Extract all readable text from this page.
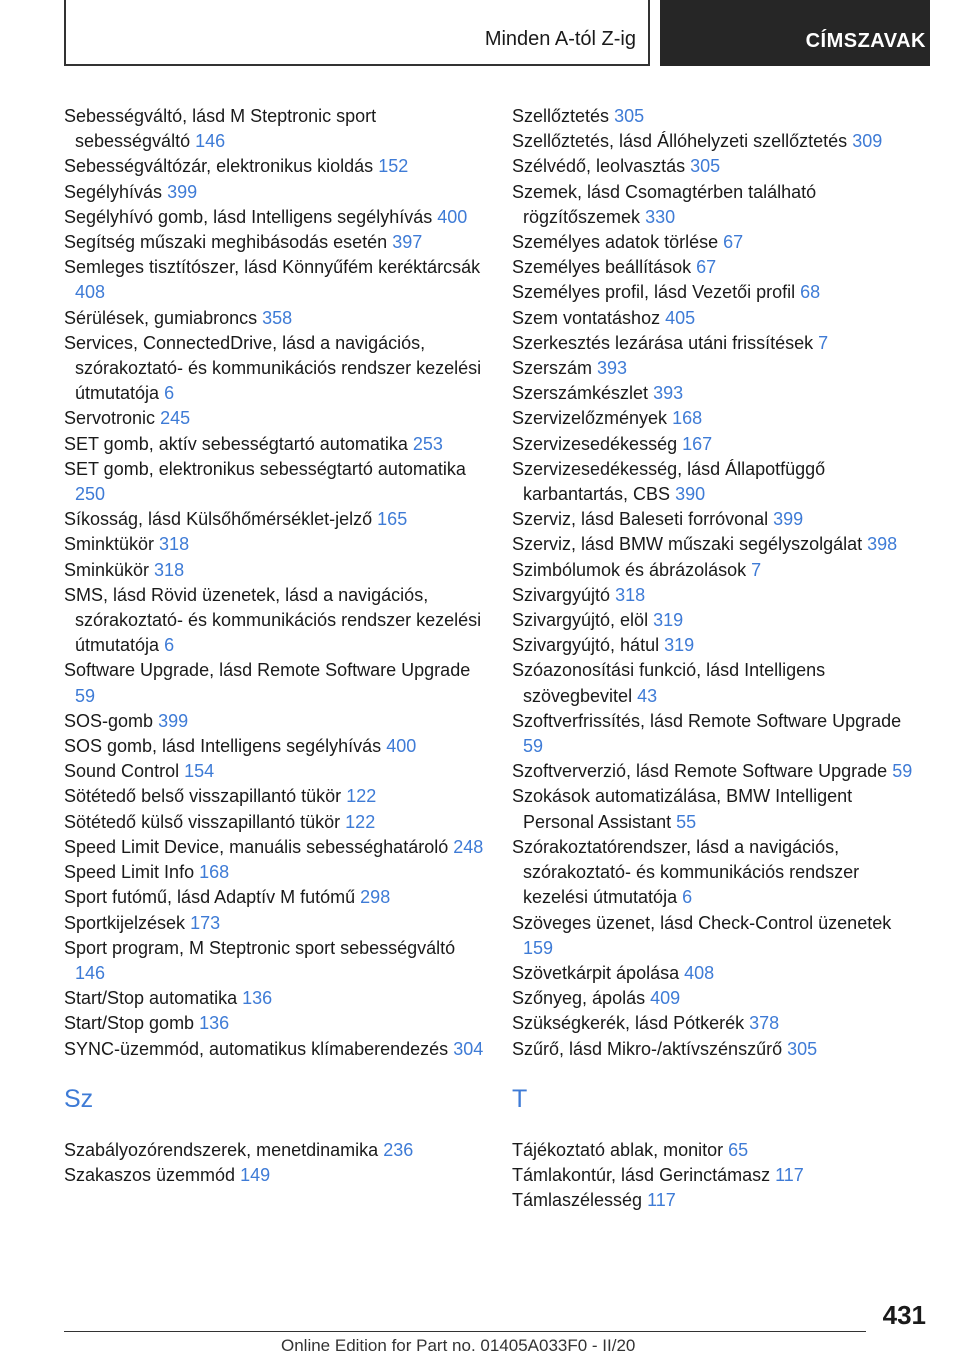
Minden A-tól Z-ig	CÍMSZAVAK
Sebességváltó, lásd M Steptronic sport sebességváltó 146
Sebességváltózár, elektronikus kioldás 152
Segélyhívás 399
Segélyhívó gomb, lásd Intelligens segélyhívás 400
Segítség műszaki meghibásodás esetén 397
Semleges tisztítószer, lásd Könnyűfém keréktárcsák 408
Sérülések, gumiabroncs 358
Services, ConnectedDrive, lásd a navigációs, szórakoztató- és kommunikációs rendszer kezelési útmutatója 6
Servotronic 245
SET gomb, aktív sebességtartó automatika 253
SET gomb, elektronikus sebességtartó automatika 250
Síkosság, lásd Külsőhőmérséklet-jelző 165
Sminktükör 318
Sminkükör 318
SMS, lásd Rövid üzenetek, lásd a navigációs, szórakoztató- és kommunikációs rendszer kezelési útmutatója 6
Software Upgrade, lásd Remote Software Upgrade 59
SOS-gomb 399
SOS gomb, lásd Intelligens segélyhívás 400
Sound Control 154
Sötétedő belső visszapillantó tükör 122
Sötétedő külső visszapillantó tükör 122
Speed Limit Device, manuális sebességhatároló 248
Speed Limit Info 168
Sport futómű, lásd Adaptív M futómű 298
Sportkijelzések 173
Sport program, M Steptronic sport sebességváltó 146
Start/Stop automatika 136
Start/Stop gomb 136
SYNC-üzemmód, automatikus klímaberendezés 304
Sz
Szabályozórendszerek, menetdinamika 236
Szakaszos üzemmód 149
Szellőztetés 305
Szellőztetés, lásd Állóhelyzeti szellőztetés 309
Szélvédő, leolvasztás 305
Szemek, lásd Csomagtérben található rögzítőszemek 330
Személyes adatok törlése 67
Személyes beállítások 67
Személyes profil, lásd Vezetői profil 68
Szem vontatáshoz 405
Szerkesztés lezárása utáni frissítések 7
Szerszám 393
Szerszámkészlet 393
Szervizelőzmények 168
Szervizesedékesség 167
Szervizesedékesség, lásd Állapotfüggő karbantartás, CBS 390
Szerviz, lásd Baleseti forróvonal 399
Szerviz, lásd BMW műszaki segélyszolgálat 398
Szimbólumok és ábrázolások 7
Szivargyújtó 318
Szivargyújtó, elöl 319
Szivargyújtó, hátul 319
Szóazonosítási funkció, lásd Intelligens szövegbevitel 43
Szoftverfrissítés, lásd Remote Software Upgrade 59
Szoftververzió, lásd Remote Software Upgrade 59
Szokások automatizálása, BMW Intelligent Personal Assistant 55
Szórakoztatórendszer, lásd a navigációs, szórakoztató- és kommunikációs rendszer kezelési útmutatója 6
Szöveges üzenet, lásd Check-Control üzenetek 159
Szövetkárpit ápolása 408
Szőnyeg, ápolás 409
Szükségkerék, lásd Pótkerék 378
Szűrő, lásd Mikro-/aktívszénszűrő 305
T
Tájékoztató ablak, monitor 65
Támlakontúr, lásd Gerinctámasz 117
Támlaszélesség 117
431
Online Edition for Part no. 01405A033F0 - II/20
